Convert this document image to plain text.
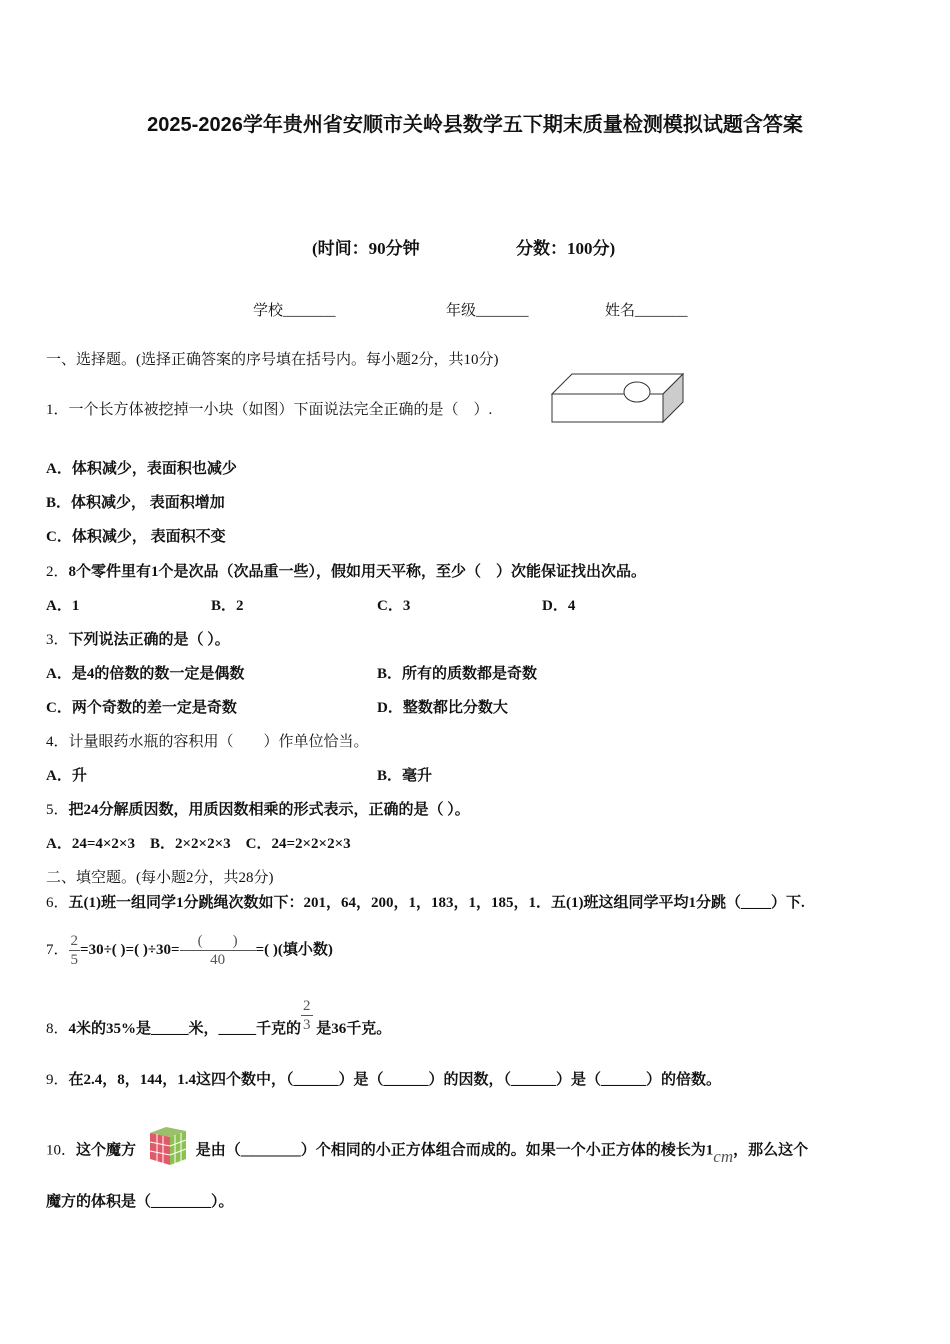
2025-2026学年贵州省安顺市关岭县数学五下期末质量检测模拟试题含答案
(时间：90分钟	分数：100分)
学校_______	年级_______	姓名_______
一、选择题。(选择正确答案的序号填在括号内。每小题2分，共10分)
1．一个长方体被挖掉一小块（如图）下面说法完全正确的是（　）.
A．体积减少，表面积也减少
B．体积减少， 表面积增加
C．体积减少， 表面积不变
2．8个零件里有1个是次品（次品重一些），假如用天平称，至少（　）次能保证找出次品。
A．1	B．2	C．3	D．4
3．下列说法正确的是（ ）。
A．是4的倍数的数一定是偶数	B．所有的质数都是奇数
C．两个奇数的差一定是奇数	D．整数都比分数大
4．计量眼药水瓶的容积用（　　）作单位恰当。
A．升	B．毫升
5．把24分解质因数，用质因数相乘的形式表示，正确的是（ ）。
A．24=4×2×3　B．2×2×2×3　C．24=2×2×2×3
二、填空题。(每小题2分，共28分)
6．五(1)班一组同学1分跳绳次数如下：201，64，200，1，183，1，185，1．五(1)班这组同学平均1分跳（____）下.
7． $\frac{2}{5} =30\div$( )=( )$\div 30= \frac{( )}{40}$ =( )(填小数)
8．4米的35%是_____米，_____千克的 $\frac{2}{3}$ 是36千克。
9．在2.4，8，144，1.4这四个数中，（______）是（______）的因数，（______）是（______）的倍数。
10．这个魔方	是由（________）个相同的小正方体组合而成的。如果一个小正方体的棱长为1cm，那么这个
魔方的体积是（________）。
